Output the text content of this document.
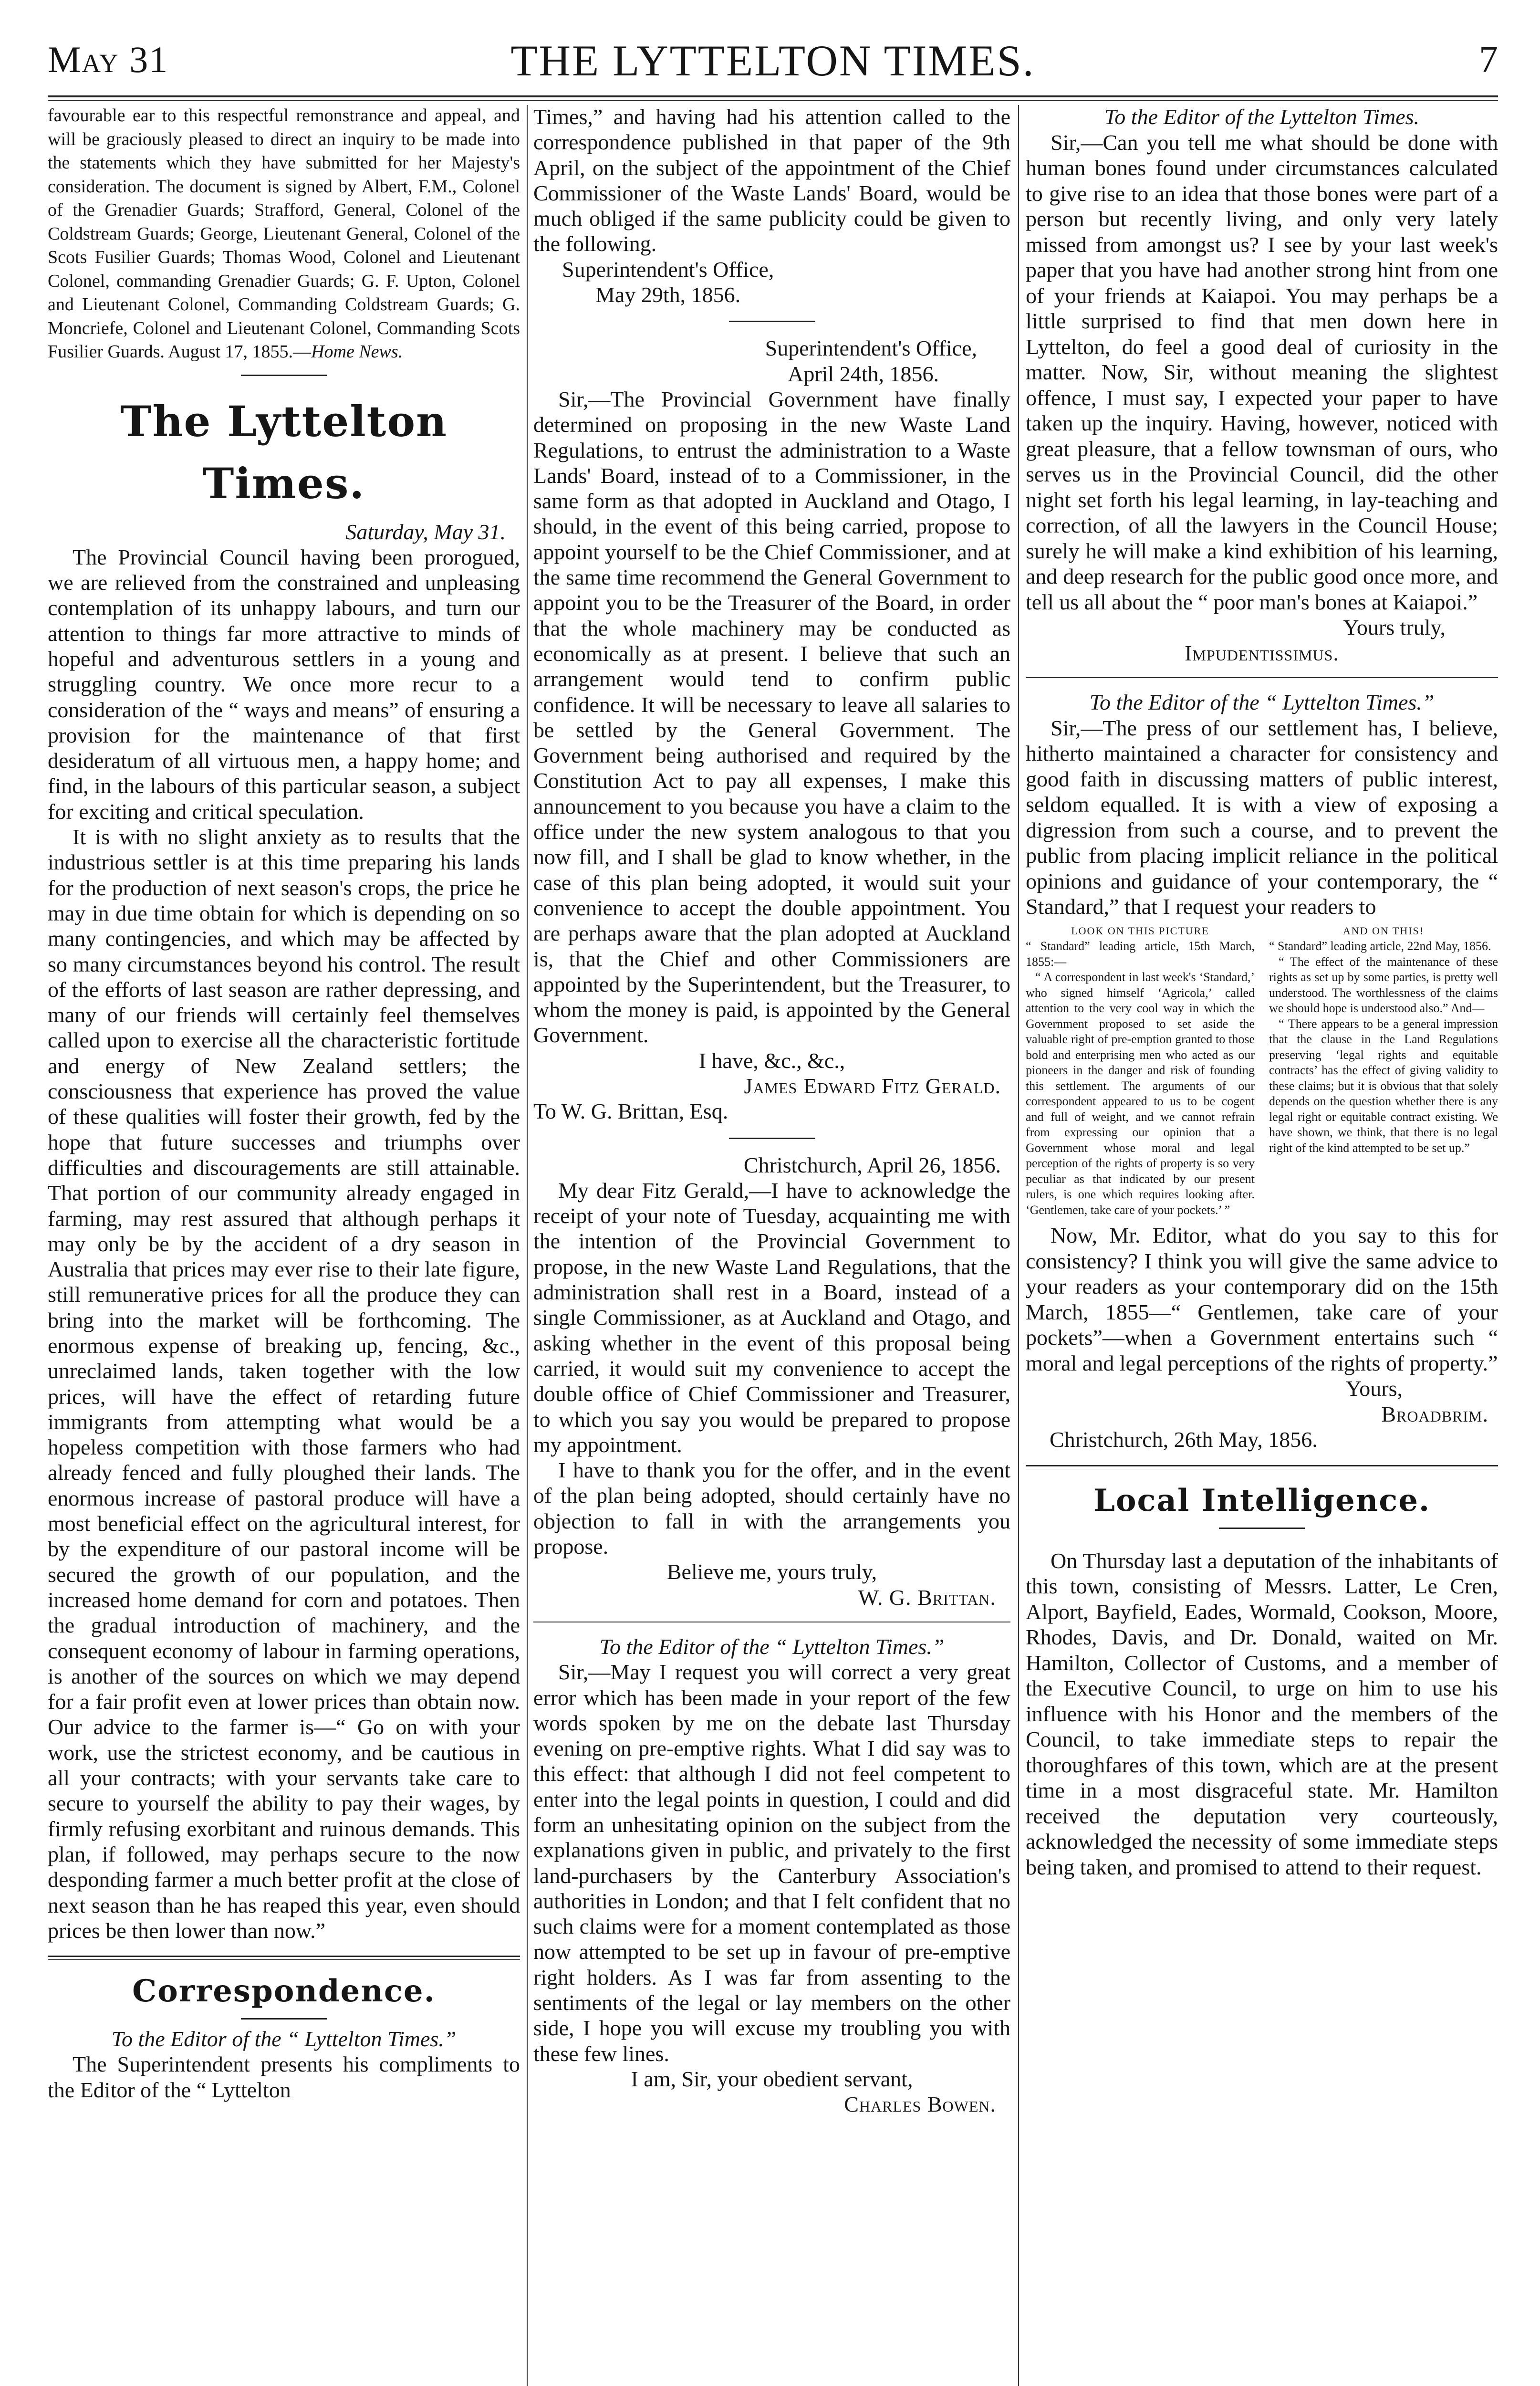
May 31	THE LYTTELTON TIMES.	7

favourable ear to this respectful remonstrance and appeal, and will be graciously pleased to direct an inquiry to be made into the statements which they have submitted for her Majesty's consideration. The document is signed by Albert, F.M., Colonel of the Grenadier Guards; Strafford, General, Colonel of the Coldstream Guards; George, Lieutenant General, Colonel of the Scots Fusilier Guards; Thomas Wood, Colonel and Lieutenant Colonel, commanding Grenadier Guards; G. F. Upton, Colonel and Lieutenant Colonel, Commanding Coldstream Guards; G. Moncriefe, Colonel and Lieutenant Colonel, Commanding Scots Fusilier Guards. August 17, 1855.—Home News.

The Lyttelton Times.

Saturday, May 31.

The Provincial Council having been prorogued, we are relieved from the constrained and unpleasing contemplation of its unhappy labours, and turn our attention to things far more attractive to minds of hopeful and adventurous settlers in a young and struggling country. We once more recur to a consideration of the “ ways and means” of ensuring a provision for the maintenance of that first desideratum of all virtuous men, a happy home; and find, in the labours of this particular season, a subject for exciting and critical speculation.

It is with no slight anxiety as to results that the industrious settler is at this time preparing his lands for the production of next season's crops, the price he may in due time obtain for which is depending on so many contingencies, and which may be affected by so many circumstances beyond his control. The result of the efforts of last season are rather depressing, and many of our friends will certainly feel themselves called upon to exercise all the characteristic fortitude and energy of New Zealand settlers; the consciousness that experience has proved the value of these qualities will foster their growth, fed by the hope that future successes and triumphs over difficulties and discouragements are still attainable. That portion of our community already engaged in farming, may rest assured that although perhaps it may only be by the accident of a dry season in Australia that prices may ever rise to their late figure, still remunerative prices for all the produce they can bring into the market will be forthcoming. The enormous expense of breaking up, fencing, &c., unreclaimed lands, taken together with the low prices, will have the effect of retarding future immigrants from attempting what would be a hopeless competition with those farmers who had already fenced and fully ploughed their lands. The enormous increase of pastoral produce will have a most beneficial effect on the agricultural interest, for by the expenditure of our pastoral income will be secured the growth of our population, and the increased home demand for corn and potatoes. Then the gradual introduction of machinery, and the consequent economy of labour in farming operations, is another of the sources on which we may depend for a fair profit even at lower prices than obtain now. Our advice to the farmer is—“ Go on with your work, use the strictest economy, and be cautious in all your contracts; with your servants take care to secure to yourself the ability to pay their wages, by firmly refusing exorbitant and ruinous demands. This plan, if followed, may perhaps secure to the now desponding farmer a much better profit at the close of next season than he has reaped this year, even should prices be then lower than now.”

Correspondence.

To the Editor of the “ Lyttelton Times.”

The Superintendent presents his compliments to the Editor of the “ Lyttelton

Times,” and having had his attention called to the correspondence published in that paper of the 9th April, on the subject of the appointment of the Chief Commissioner of the Waste Lands' Board, would be much obliged if the same publicity could be given to the following.

Superintendent's Office,

May 29th, 1856.

Superintendent's Office,

April 24th, 1856.

Sir,—The Provincial Government have finally determined on proposing in the new Waste Land Regulations, to entrust the administration to a Waste Lands' Board, instead of to a Commissioner, in the same form as that adopted in Auckland and Otago, I should, in the event of this being carried, propose to appoint yourself to be the Chief Commissioner, and at the same time recommend the General Government to appoint you to be the Treasurer of the Board, in order that the whole machinery may be conducted as economically as at present. I believe that such an arrangement would tend to confirm public confidence. It will be necessary to leave all salaries to be settled by the General Government. The Government being authorised and required by the Constitution Act to pay all expenses, I make this announcement to you because you have a claim to the office under the new system analogous to that you now fill, and I shall be glad to know whether, in the case of this plan being adopted, it would suit your convenience to accept the double appointment. You are perhaps aware that the plan adopted at Auckland is, that the Chief and other Commissioners are appointed by the Superintendent, but the Treasurer, to whom the money is paid, is appointed by the General Government.

I have, &c., &c.,

James Edward Fitz Gerald.

To W. G. Brittan, Esq.

Christchurch, April 26, 1856.

My dear Fitz Gerald,—I have to acknowledge the receipt of your note of Tuesday, acquainting me with the intention of the Provincial Government to propose, in the new Waste Land Regulations, that the administration shall rest in a Board, instead of a single Commissioner, as at Auckland and Otago, and asking whether in the event of this proposal being carried, it would suit my convenience to accept the double office of Chief Commissioner and Treasurer, to which you say you would be prepared to propose my appointment.

I have to thank you for the offer, and in the event of the plan being adopted, should certainly have no objection to fall in with the arrangements you propose.

Believe me, yours truly,

W. G. Brittan.

To the Editor of the “ Lyttelton Times.”

Sir,—May I request you will correct a very great error which has been made in your report of the few words spoken by me on the debate last Thursday evening on pre-emptive rights. What I did say was to this effect: that although I did not feel competent to enter into the legal points in question, I could and did form an unhesitating opinion on the subject from the explanations given in public, and privately to the first land-purchasers by the Canterbury Association's authorities in London; and that I felt confident that no such claims were for a moment contemplated as those now attempted to be set up in favour of pre-emptive right holders. As I was far from assenting to the sentiments of the legal or lay members on the other side, I hope you will excuse my troubling you with these few lines.

I am, Sir, your obedient servant,

Charles Bowen.

To the Editor of the Lyttelton Times.

Sir,—Can you tell me what should be done with human bones found under circumstances calculated to give rise to an idea that those bones were part of a person but recently living, and only very lately missed from amongst us? I see by your last week's paper that you have had another strong hint from one of your friends at Kaiapoi. You may perhaps be a little surprised to find that men down here in Lyttelton, do feel a good deal of curiosity in the matter. Now, Sir, without meaning the slightest offence, I must say, I expected your paper to have taken up the inquiry. Having, however, noticed with great pleasure, that a fellow townsman of ours, who serves us in the Provincial Council, did the other night set forth his legal learning, in lay-teaching and correction, of all the lawyers in the Council House; surely he will make a kind exhibition of his learning, and deep research for the public good once more, and tell us all about the “ poor man's bones at Kaiapoi.”

Yours truly,

Impudentissimus.

To the Editor of the “ Lyttelton Times.”

Sir,—The press of our settlement has, I believe, hitherto maintained a character for consistency and good faith in discussing matters of public interest, seldom equalled. It is with a view of exposing a digression from such a course, and to prevent the public from placing implicit reliance in the political opinions and guidance of your contemporary, the “ Standard,” that I request your readers to

LOOK ON THIS PICTURE

“ Standard” leading article, 15th March, 1855:—

“ A correspondent in last week's ‘Standard,’ who signed himself ‘Agricola,’ called attention to the very cool way in which the Government proposed to set aside the valuable right of pre-emption granted to those bold and enterprising men who acted as our pioneers in the danger and risk of founding this settlement. The arguments of our correspondent appeared to us to be cogent and full of weight, and we cannot refrain from expressing our opinion that a Government whose moral and legal perception of the rights of property is so very peculiar as that indicated by our present rulers, is one which requires looking after. ‘Gentlemen, take care of your pockets.’ ”

AND ON THIS!

“ Standard” leading article, 22nd May, 1856.

“ The effect of the maintenance of these rights as set up by some parties, is pretty well understood. The worthlessness of the claims we should hope is understood also.” And—

“ There appears to be a general impression that the clause in the Land Regulations preserving ‘legal rights and equitable contracts’ has the effect of giving validity to these claims; but it is obvious that that solely depends on the question whether there is any legal right or equitable contract existing. We have shown, we think, that there is no legal right of the kind attempted to be set up.”

Now, Mr. Editor, what do you say to this for consistency? I think you will give the same advice to your readers as your contemporary did on the 15th March, 1855—“ Gentlemen, take care of your pockets”—when a Government entertains such “ moral and legal perceptions of the rights of property.”

Yours,

Broadbrim.

Christchurch, 26th May, 1856.

Local Intelligence.

On Thursday last a deputation of the inhabitants of this town, consisting of Messrs. Latter, Le Cren, Alport, Bayfield, Eades, Wormald, Cookson, Moore, Rhodes, Davis, and Dr. Donald, waited on Mr. Hamilton, Collector of Customs, and a member of the Executive Council, to urge on him to use his influence with his Honor and the members of the Council, to take immediate steps to repair the thoroughfares of this town, which are at the present time in a most disgraceful state. Mr. Hamilton received the deputation very courteously, acknowledged the necessity of some immediate steps being taken, and promised to attend to their request.
